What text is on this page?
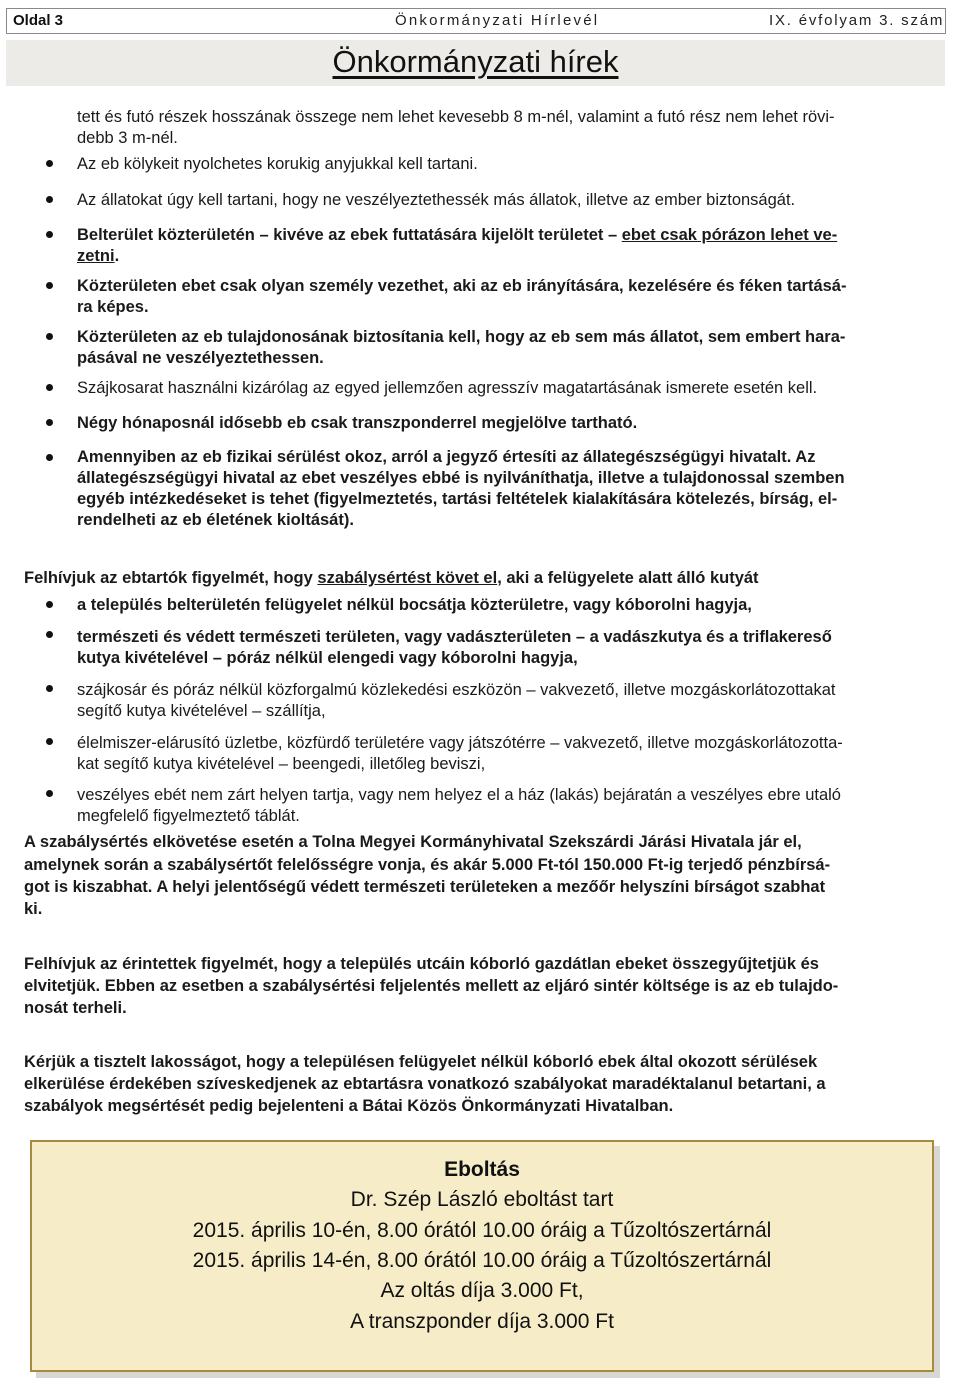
Oldal 3	Önkormányzati Hírlevél	IX. évfolyam 3. szám
Önkormányzati hírek

tett és futó részek hosszának összege nem lehet kevesebb 8 m-nél, valamint a futó rész nem lehet rövi-

debb 3 m-nél.

Az eb kölykeit nyolchetes korukig anyjukkal kell tartani.

Az állatokat úgy kell tartani, hogy ne veszélyeztethessék más állatok, illetve az ember biztonságát.

Belterület közterületén – kivéve az ebek futtatására kijelölt területet – ebet csak pórázon lehet ve-

zetni.

Közterületen ebet csak olyan személy vezethet, aki az eb irányítására, kezelésére és féken tartásá-

ra képes.

Közterületen az eb tulajdonosának biztosítania kell, hogy az eb sem más állatot, sem embert hara-

pásával ne veszélyeztethessen.

Szájkosarat használni kizárólag az egyed jellemzően agresszív magatartásának ismerete esetén kell.

Négy hónaposnál idősebb eb csak transzponderrel megjelölve tartható.

Amennyiben az eb fizikai sérülést okoz, arról a jegyző értesíti az állategészségügyi hivatalt. Az

állategészségügyi hivatal az ebet veszélyes ebbé is nyilváníthatja, illetve a tulajdonossal szemben

egyéb intézkedéseket is tehet (figyelmeztetés, tartási feltételek kialakítására kötelezés, bírság, el-

rendelheti az eb életének kioltását).

Felhívjuk az ebtartók figyelmét, hogy szabálysértést követ el, aki a felügyelete alatt álló kutyát

a település belterületén felügyelet nélkül bocsátja közterületre, vagy kóborolni hagyja,

természeti és védett természeti területen, vagy vadászterületen – a vadászkutya és a triflakereső

kutya kivételével – póráz nélkül elengedi vagy kóborolni hagyja,

szájkosár és póráz nélkül közforgalmú közlekedési eszközön – vakvezető, illetve mozgáskorlátozottakat

segítő kutya kivételével – szállítja,

élelmiszer-elárusító üzletbe, közfürdő területére vagy játszótérre – vakvezető, illetve mozgáskorlátozotta-

kat segítő kutya kivételével – beengedi, illetőleg beviszi,

veszélyes ebét nem zárt helyen tartja, vagy nem helyez el a ház (lakás) bejáratán a veszélyes ebre utaló

megfelelő figyelmeztető táblát.

A szabálysértés elkövetése esetén a Tolna Megyei Kormányhivatal Szekszárdi Járási Hivatala jár el,

amelynek során a szabálysértőt felelősségre vonja, és akár 5.000 Ft-tól 150.000 Ft-ig terjedő pénzbírsá-

got is kiszabhat. A helyi jelentőségű védett természeti területeken a mezőőr helyszíni bírságot szabhat

ki.

Felhívjuk az érintettek figyelmét, hogy a település utcáin kóborló gazdátlan ebeket összegyűjtetjük és

elvitetjük. Ebben az esetben a szabálysértési feljelentés mellett az eljáró sintér költsége is az eb tulajdo-

nosát terheli.

Kérjük a tisztelt lakosságot, hogy a településen felügyelet nélkül kóborló ebek által okozott sérülések

elkerülése érdekében szíveskedjenek az ebtartásra vonatkozó szabályokat maradéktalanul betartani, a

szabályok megsértését pedig bejelenteni a Bátai Közös Önkormányzati Hivatalban.

Eboltás
Dr. Szép László eboltást tart
2015. április 10-én, 8.00 órától 10.00 óráig a Tűzoltószertárnál
2015. április 14-én, 8.00 órától 10.00 óráig a Tűzoltószertárnál
Az oltás díja 3.000 Ft,
A transzponder díja 3.000 Ft
